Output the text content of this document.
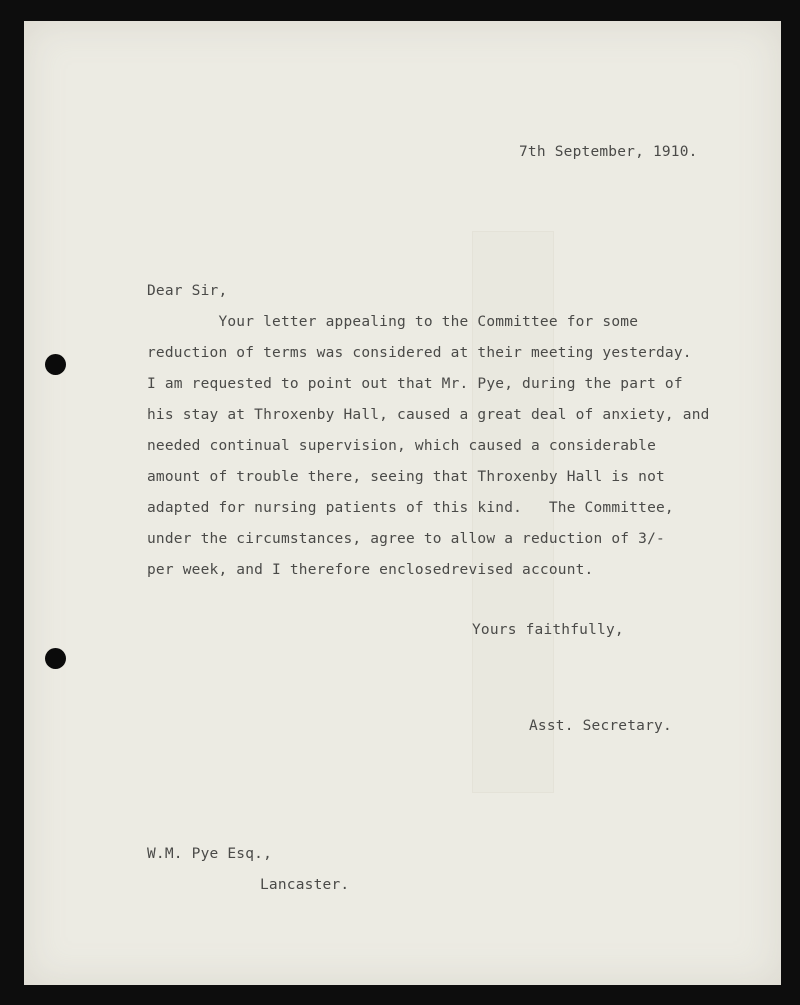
7th September, 1910.

Dear Sir,

Your letter appealing to the Committee for some

reduction of terms was considered at their meeting yesterday.

I am requested to point out that Mr. Pye, during the part of

his stay at Throxenby Hall, caused a great deal of anxiety, and

needed continual supervision, which caused a considerable

amount of trouble there, seeing that Throxenby Hall is not

adapted for nursing patients of this kind.   The Committee,

under the circumstances, agree to allow a reduction of 3/-

per week, and I therefore enclosedrevised account.

Yours faithfully,

Asst. Secretary.

W.M. Pye Esq.,

Lancaster.
